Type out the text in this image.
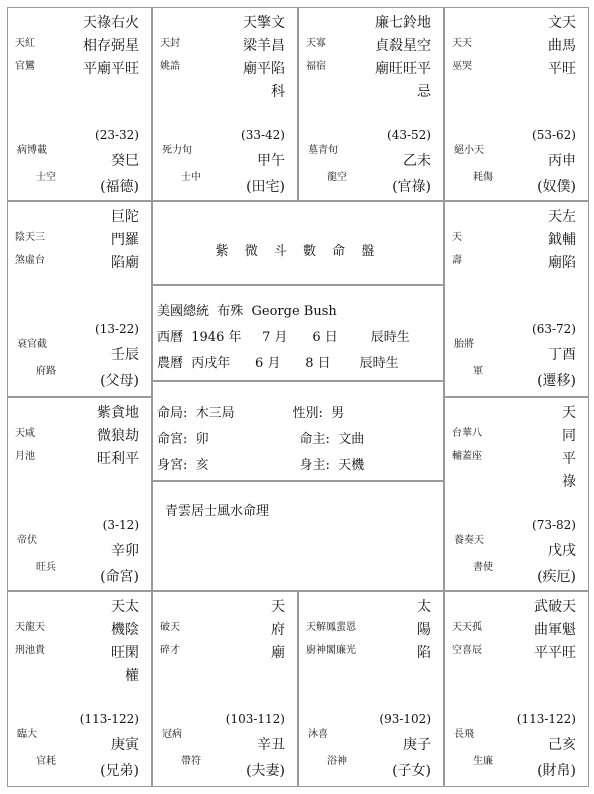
天祿右火
相存弼星
平廟平旺
天紅
官鸞
病博載
士空
(23-32)
癸巳
(福德)
天擎文
梁羊昌
廟平陷
科
天封
姚誥
死力旬
士中
(33-42)
甲午
(田宅)
廉七鈴地
貞殺星空
廟旺旺平
忌
天寡
福宿
墓青旬
龍空
(43-52)
乙未
(官祿)
文天
曲馬
平旺
天天
巫哭
絕小天
耗傷
(53-62)
丙申
(奴僕)
巨陀
門羅
陷廟
陰天三
煞虛台
衰官截
府路
(13-22)
壬辰
(父母)
天左
鉞輔
廟陷
天
壽
胎將
軍
(63-72)
丁酉
(遷移)
紫貪地
微狼劫
旺利平
天咸
月池
帝伏
旺兵
(3-12)
辛卯
(命宮)
天
同
平
祿
台華八
輔蓋座
養奏天
書使
(73-82)
戊戌
(疾厄)
天太
機陰
旺閑
權
天龍天
刑池貴
臨大
官耗
(113-122)
庚寅
(兄弟)
天
府
廟
破天
碎才
冠病
帶符
(103-112)
辛丑
(夫妻)
太
陽
陷
天解鳳蜚恩
廚神閣廉光
沐喜
浴神
(93-102)
庚子
(子女)
武破天
曲軍魁
平平旺
天天孤
空喜辰
長飛
生廉
(113-122)
己亥
(財帛)
紫 微 斗 數 命 盤
美國總統  布殊  George Bush
西曆  1946 年     7 月      6 日        辰時生
農曆  丙戌年      6 月      8 日       辰時生
命局:  木三局              性別:  男
命宮:  卯                      命主:  文曲
身宮:  亥                      身主:  天機
青雲居士風水命理
